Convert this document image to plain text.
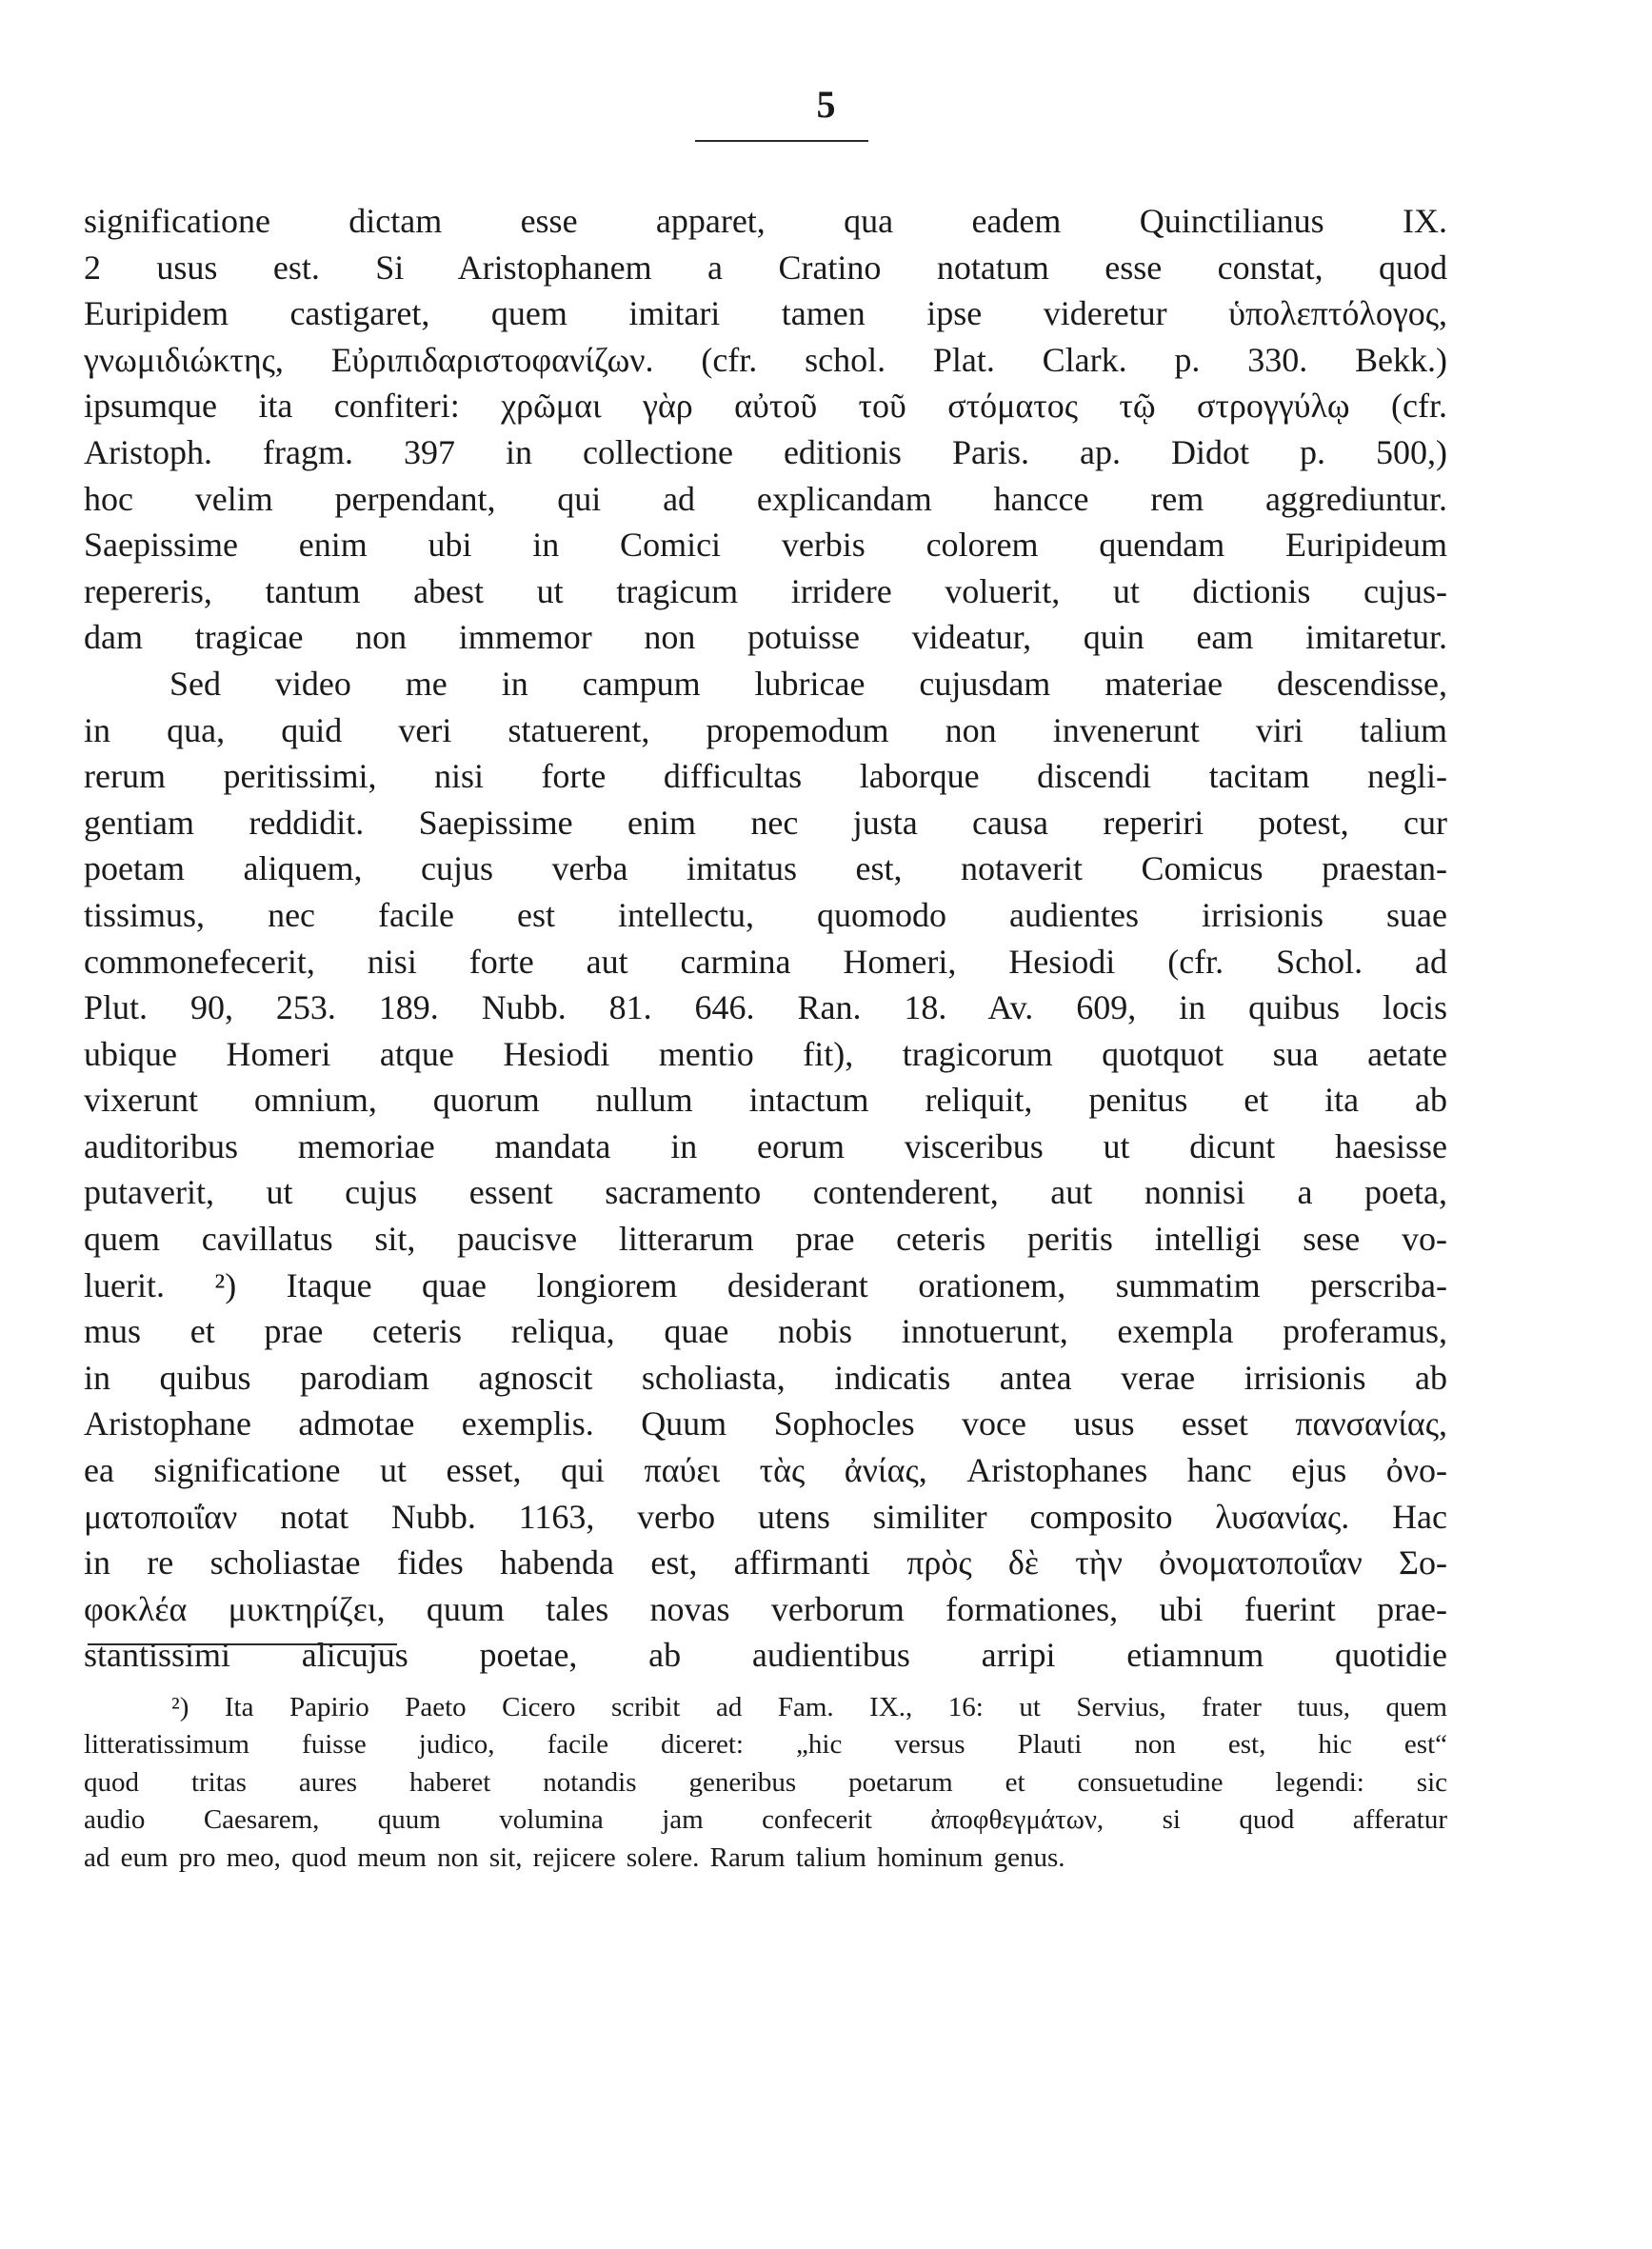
5
significatione dictam esse apparet, qua eadem Quinctilianus IX.
2 usus est. Si Aristophanem a Cratino notatum esse constat, quod
Euripidem castigaret, quem imitari tamen ipse videretur ὑπολεπτόλογος,
γνωμιδιώκτης, Εὐριπιδαριστοφανίζων. (cfr. schol. Plat. Clark. p. 330. Bekk.)
ipsumque ita confiteri: χρῶμαι γὰρ αὐτοῦ τοῦ στόματος τῷ στρογγύλῳ (cfr.
Aristoph. fragm. 397 in collectione editionis Paris. ap. Didot p. 500,)
hoc velim perpendant, qui ad explicandam hancce rem aggrediuntur.
Saepissime enim ubi in Comici verbis colorem quendam Euripideum
repereris, tantum abest ut tragicum irridere voluerit, ut dictionis cujus-
dam tragicae non immemor non potuisse videatur, quin eam imitaretur.
Sed video me in campum lubricae cujusdam materiae descendisse,
in qua, quid veri statuerent, propemodum non invenerunt viri talium
rerum peritissimi, nisi forte difficultas laborque discendi tacitam negli-
gentiam reddidit. Saepissime enim nec justa causa reperiri potest, cur
poetam aliquem, cujus verba imitatus est, notaverit Comicus praestan-
tissimus, nec facile est intellectu, quomodo audientes irrisionis suae
commonefecerit, nisi forte aut carmina Homeri, Hesiodi (cfr. Schol. ad
Plut. 90, 253. 189. Nubb. 81. 646. Ran. 18. Av. 609, in quibus locis
ubique Homeri atque Hesiodi mentio fit), tragicorum quotquot sua aetate
vixerunt omnium, quorum nullum intactum reliquit, penitus et ita ab
auditoribus memoriae mandata in eorum visceribus ut dicunt haesisse
putaverit, ut cujus essent sacramento contenderent, aut nonnisi a poeta,
quem cavillatus sit, paucisve litterarum prae ceteris peritis intelligi sese vo-
luerit. ²) Itaque quae longiorem desiderant orationem, summatim perscriba-
mus et prae ceteris reliqua, quae nobis innotuerunt, exempla proferamus,
in quibus parodiam agnoscit scholiasta, indicatis antea verae irrisionis ab
Aristophane admotae exemplis. Quum Sophocles voce usus esset πανσανίας,
ea significatione ut esset, qui παύει τὰς ἀνίας, Aristophanes hanc ejus ὀνο-
ματοποιΐαν notat Nubb. 1163, verbo utens similiter composito λυσανίας. Hac
in re scholiastae fides habenda est, affirmanti πρὸς δὲ τὴν ὀνοματοποιΐαν Σο-
φοκλέα μυκτηρίζει, quum tales novas verborum formationes, ubi fuerint prae-
stantissimi alicujus poetae, ab audientibus arripi etiamnum quotidie
²) Ita Papirio Paeto Cicero scribit ad Fam. IX., 16: ut Servius, frater tuus, quem
litteratissimum fuisse judico, facile diceret: „hic versus Plauti non est, hic est“
quod tritas aures haberet notandis generibus poetarum et consuetudine legendi: sic
audio Caesarem, quum volumina jam confecerit ἀποφθεγμάτων, si quod afferatur
ad eum pro meo, quod meum non sit, rejicere solere. Rarum talium hominum genus.
